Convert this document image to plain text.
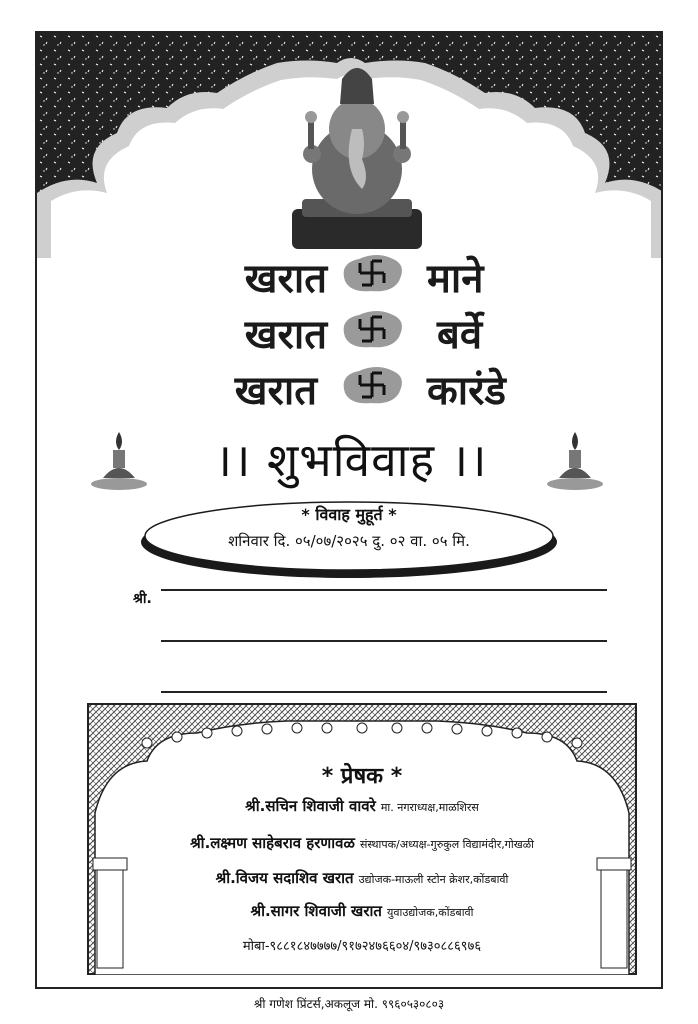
खरात	माने
खरात	बर्वे
खरात	कारंडे
।। शुभविवाह ।।
* विवाह मुहूर्त *
शनिवार दि. ०५/०७/२०२५ दु. ०२ वा. ०५ मि.
श्री.
* प्रेषक *
श्री.सचिन शिवाजी वावरे मा. नगराध्यक्ष,माळशिरस
श्री.लक्ष्मण साहेबराव हरणावळ संस्थापक/अध्यक्ष-गुरुकुल विद्यामंदीर,गोखळी
श्री.विजय सदाशिव खरात उद्योजक-माऊली स्टोन क्रेशर,कोंडबावी
श्री.सागर शिवाजी खरात युवाउद्योजक,कोंडबावी
मोबा-९८८१८४७७७७/९१७२४७६६०४/९७३०८८६९७६
श्री गणेश प्रिंटर्स,अकलूज मो. ९९६०५३०८०३
